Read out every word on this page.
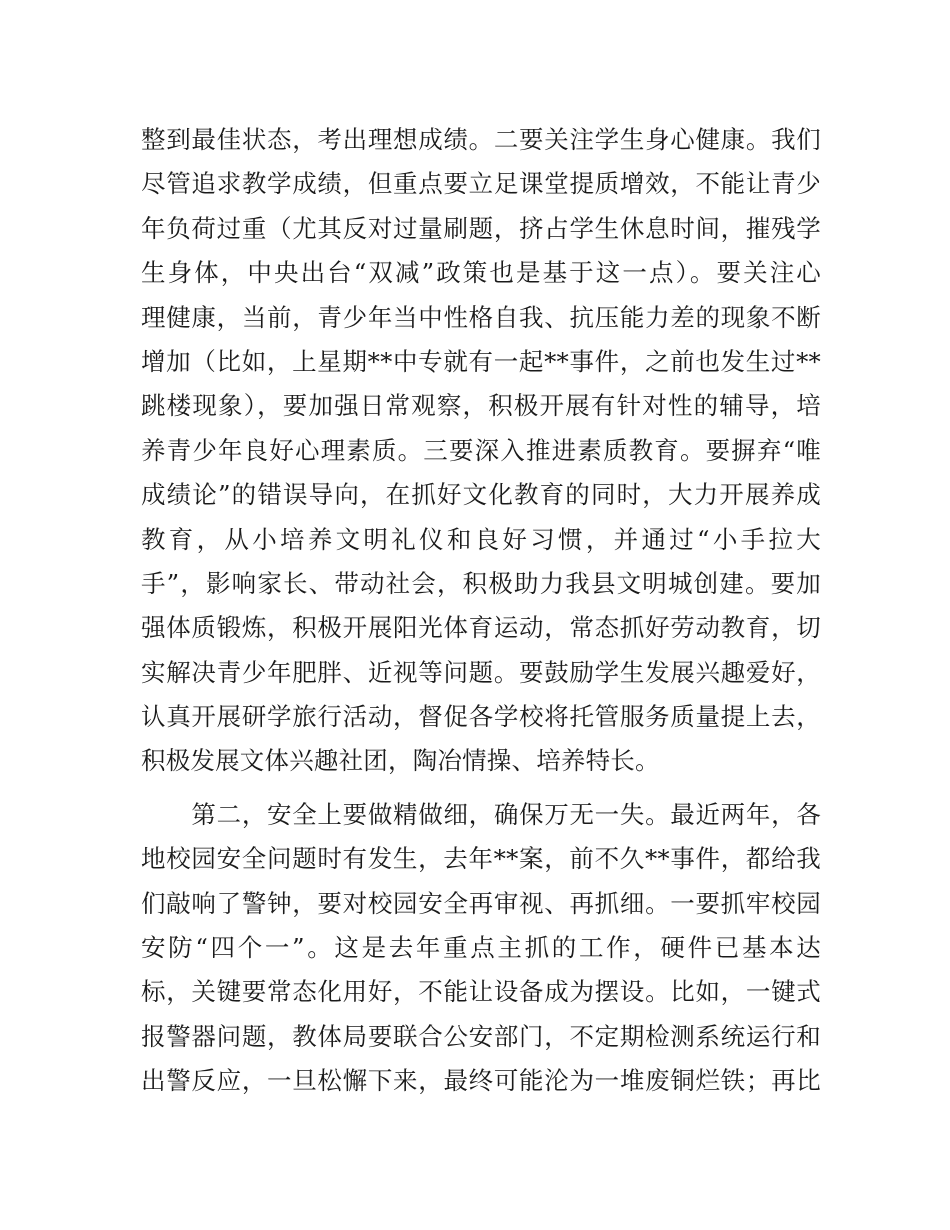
整到最佳状态，考出理想成绩。二要关注学生身心健康。我们
尽管追求教学成绩，但重点要立足课堂提质增效，不能让青少
年负荷过重（尤其反对过量刷题，挤占学生休息时间，摧残学
生身体，中央出台“双减”政策也是基于这一点）。要关注心
理健康，当前，青少年当中性格自我、抗压能力差的现象不断
增加（比如，上星期**中专就有一起**事件，之前也发生过**
跳楼现象），要加强日常观察，积极开展有针对性的辅导，培
养青少年良好心理素质。三要深入推进素质教育。要摒弃“唯
成绩论”的错误导向，在抓好文化教育的同时，大力开展养成
教育，从小培养文明礼仪和良好习惯，并通过“小手拉大
手”，影响家长、带动社会，积极助力我县文明城创建。要加
强体质锻炼，积极开展阳光体育运动，常态抓好劳动教育，切
实解决青少年肥胖、近视等问题。要鼓励学生发展兴趣爱好，
认真开展研学旅行活动，督促各学校将托管服务质量提上去，
积极发展文体兴趣社团，陶冶情操、培养特长。
　　第二，安全上要做精做细，确保万无一失。最近两年，各
地校园安全问题时有发生，去年**案，前不久**事件，都给我
们敲响了警钟，要对校园安全再审视、再抓细。一要抓牢校园
安防“四个一”。这是去年重点主抓的工作，硬件已基本达
标，关键要常态化用好，不能让设备成为摆设。比如，一键式
报警器问题，教体局要联合公安部门，不定期检测系统运行和
出警反应，一旦松懈下来，最终可能沦为一堆废铜烂铁；再比
